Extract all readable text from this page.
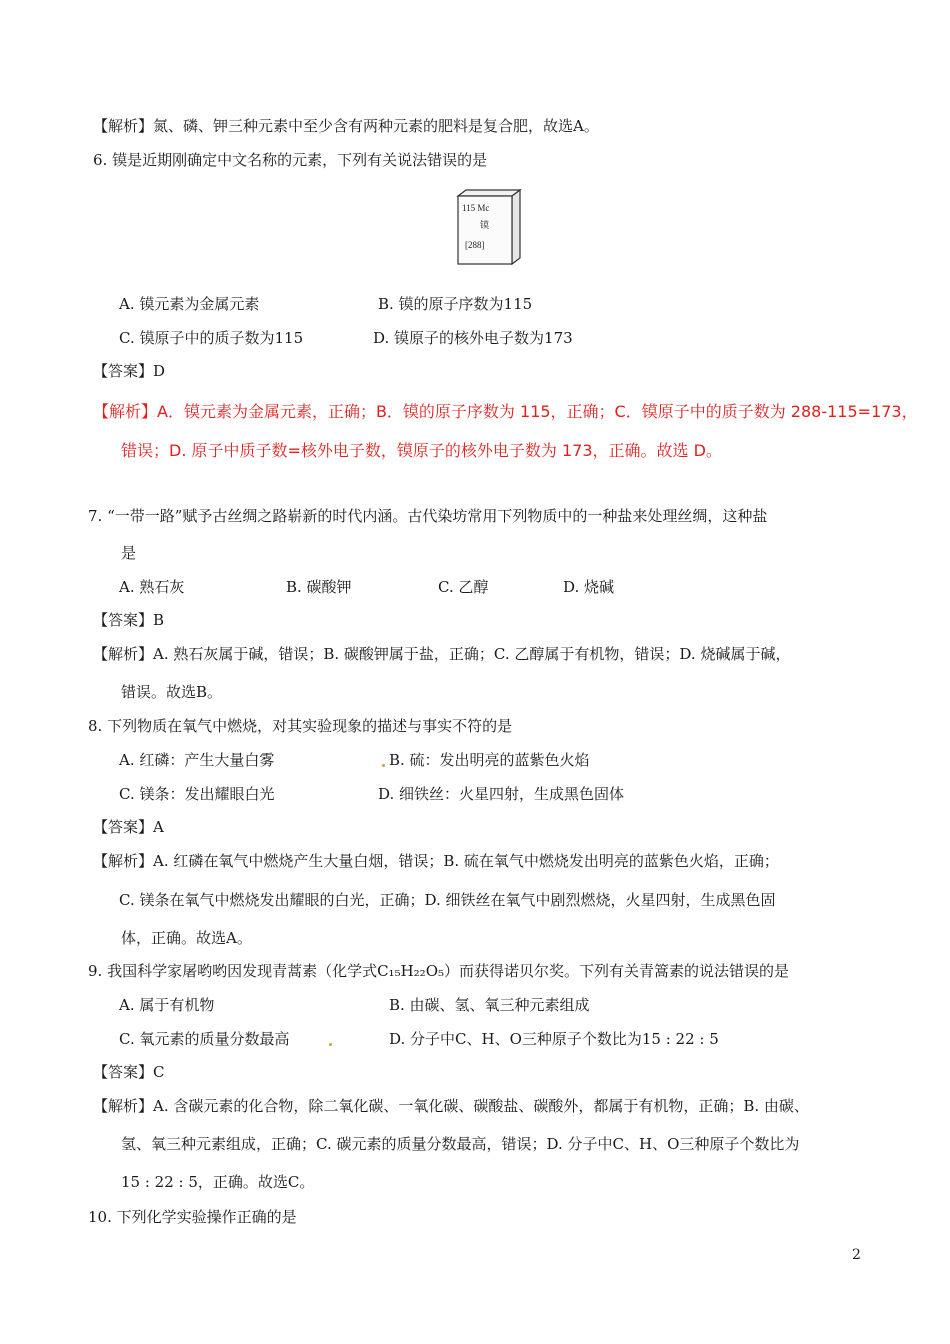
【解析】氮、磷、钾三种元素中至少含有两种元素的肥料是复合肥，故选A。
6. 镆是近期刚确定中文名称的元素，下列有关说法错误的是
115 Mc
镆
[288]
A. 镆元素为金属元素	B. 镆的原子序数为115
C. 镆原子中的质子数为115	D. 镆原子的核外电子数为173
【答案】D
【解析】A．镆元素为金属元素，正确；B．镆的原子序数为 115，正确；C．镆原子中的质子数为 288-115=173，
错误；D. 原子中质子数=核外电子数，镆原子的核外电子数为 173，正确。故选 D。
7. “一带一路”赋予古丝绸之路崭新的时代内涵。古代染坊常用下列物质中的一种盐来处理丝绸，这种盐
是
A. 熟石灰	B. 碳酸钾	C. 乙醇	D. 烧碱
【答案】B
【解析】A. 熟石灰属于碱，错误；B. 碳酸钾属于盐，正确；C. 乙醇属于有机物，错误；D. 烧碱属于碱，
错误。故选B。
8. 下列物质在氧气中燃烧，对其实验现象的描述与事实不符的是
A. 红磷：产生大量白雾	B. 硫：发出明亮的蓝紫色火焰
C. 镁条：发出耀眼白光	D. 细铁丝：火星四射，生成黑色固体
【答案】A
【解析】A. 红磷在氧气中燃烧产生大量白烟，错误；B. 硫在氧气中燃烧发出明亮的蓝紫色火焰，正确；
C. 镁条在氧气中燃烧发出耀眼的白光，正确；D. 细铁丝在氧气中剧烈燃烧，火星四射，生成黑色固
体，正确。故选A。
9. 我国科学家屠哟哟因发现青蒿素（化学式C₁₅H₂₂O₅）而获得诺贝尔奖。下列有关青篙素的说法错误的是
A. 属于有机物	B. 由碳、氢、氧三种元素组成
C. 氧元素的质量分数最高	D. 分子中C、H、O三种原子个数比为15 : 22 : 5
【答案】C
【解析】A. 含碳元素的化合物，除二氧化碳、一氧化碳、碳酸盐、碳酸外，都属于有机物，正确；B. 由碳、
氢、氧三种元素组成，正确；C. 碳元素的质量分数最高，错误；D. 分子中C、H、O三种原子个数比为
15 : 22 : 5，正确。故选C。
10. 下列化学实验操作正确的是
2
